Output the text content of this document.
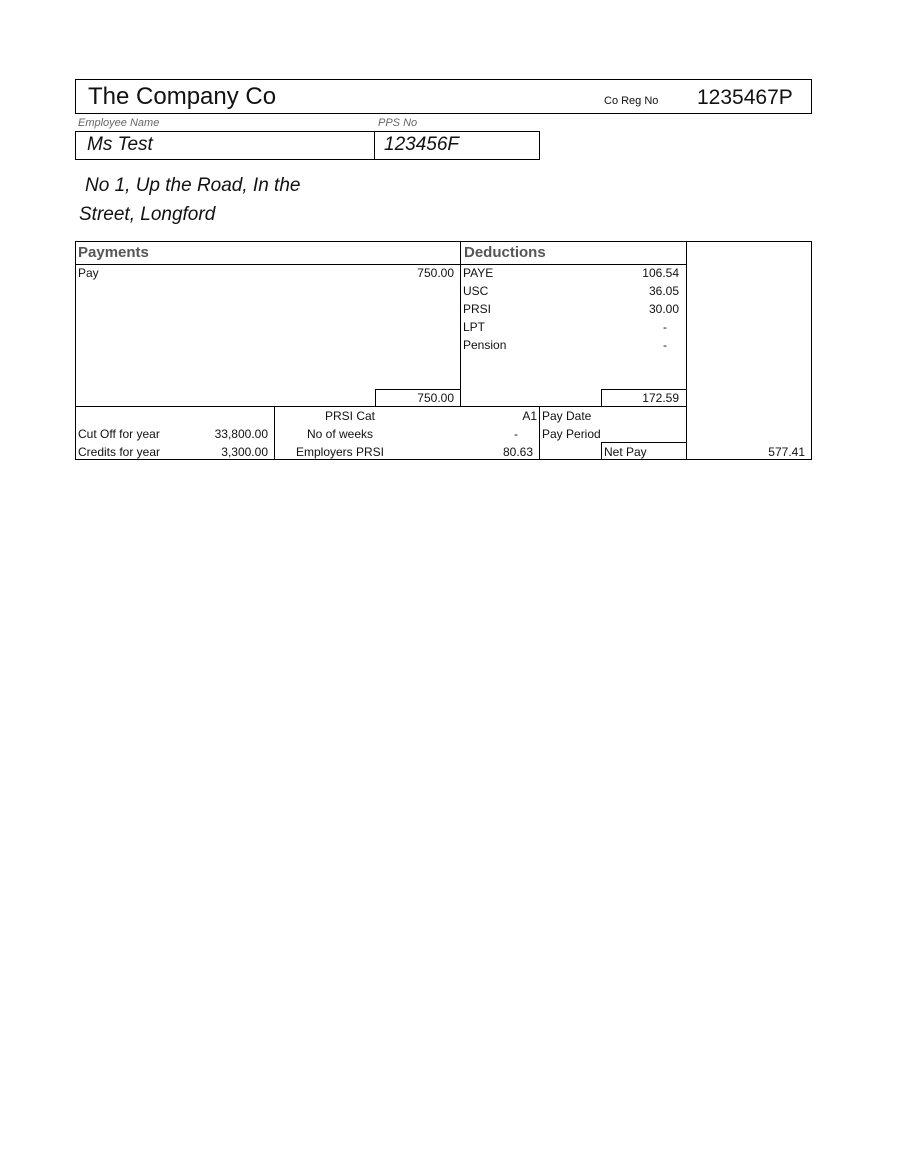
The Company Co	Co Reg No 1235467P
Employee Name	PPS No
Ms Test	123456F
No 1, Up the Road, In the
Street, Longford
Payments	Deductions
Pay	750.00 PAYE	106.54
USC	36.05
PRSI	30.00
LPT	-
Pension	-
750.00	172.59
PRSI Cat	A1 Pay Date
Cut Off for year	33,800.00	No of weeks	- Pay Period
Credits for year	3,300.00	Employers PRSI	80.63	Net Pay	577.41
